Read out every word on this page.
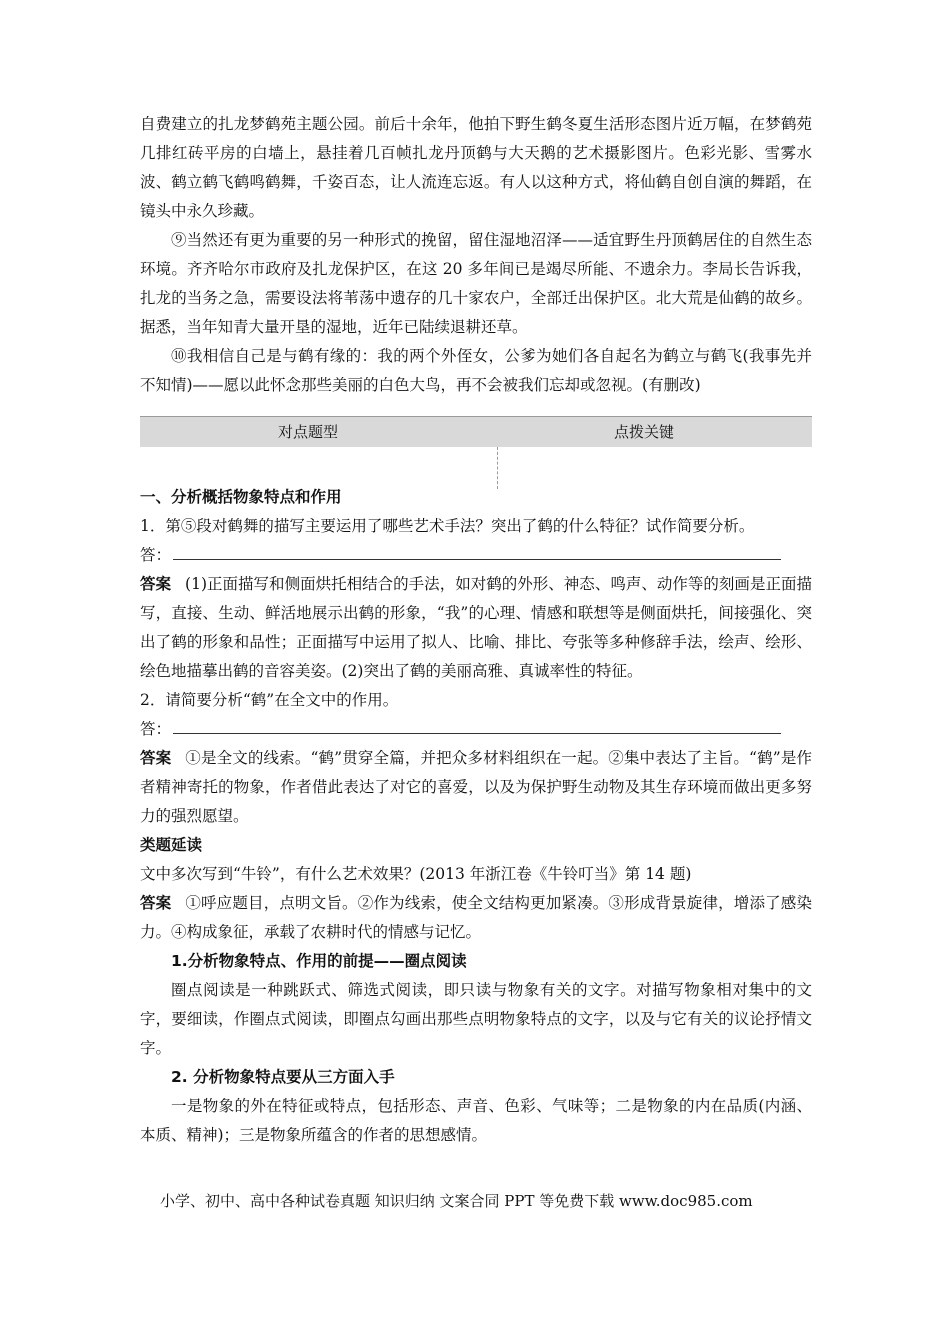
自费建立的扎龙梦鹤苑主题公园。前后十余年，他拍下野生鹤冬夏生活形态图片近万幅，在梦鹤苑几排红砖平房的白墙上，悬挂着几百帧扎龙丹顶鹤与大天鹅的艺术摄影图片。色彩光影、雪雾水波、鹤立鹤飞鹤鸣鹤舞，千姿百态，让人流连忘返。有人以这种方式，将仙鹤自创自演的舞蹈，在镜头中永久珍藏。

⑨当然还有更为重要的另一种形式的挽留，留住湿地沼泽——适宜野生丹顶鹤居住的自然生态环境。齐齐哈尔市政府及扎龙保护区，在这 20 多年间已是竭尽所能、不遗余力。李局长告诉我，扎龙的当务之急，需要设法将苇荡中遗存的几十家农户，全部迁出保护区。北大荒是仙鹤的故乡。据悉，当年知青大量开垦的湿地，近年已陆续退耕还草。

⑩我相信自己是与鹤有缘的：我的两个外侄女，公爹为她们各自起名为鹤立与鹤飞(我事先并不知情)——愿以此怀念那些美丽的白色大鸟，再不会被我们忘却或忽视。(有删改)

对点题型	点拨关键

一、分析概括物象特点和作用

1．第⑤段对鹤舞的描写主要运用了哪些艺术手法？突出了鹤的什么特征？试作简要分析。

答：

答案 (1)正面描写和侧面烘托相结合的手法，如对鹤的外形、神态、鸣声、动作等的刻画是正面描写，直接、生动、鲜活地展示出鹤的形象，“我”的心理、情感和联想等是侧面烘托，间接强化、突出了鹤的形象和品性；正面描写中运用了拟人、比喻、排比、夸张等多种修辞手法，绘声、绘形、绘色地描摹出鹤的音容美姿。(2)突出了鹤的美丽高雅、真诚率性的特征。

2．请简要分析“鹤”在全文中的作用。

答：

答案 ①是全文的线索。“鹤”贯穿全篇，并把众多材料组织在一起。②集中表达了主旨。“鹤”是作者精神寄托的物象，作者借此表达了对它的喜爱，以及为保护野生动物及其生存环境而做出更多努力的强烈愿望。

类题延读

文中多次写到“牛铃”，有什么艺术效果？(2013 年浙江卷《牛铃叮当》第 14 题)

答案 ①呼应题目，点明文旨。②作为线索，使全文结构更加紧凑。③形成背景旋律，增添了感染力。④构成象征，承载了农耕时代的情感与记忆。

1.分析物象特点、作用的前提——圈点阅读

圈点阅读是一种跳跃式、筛选式阅读，即只读与物象有关的文字。对描写物象相对集中的文字，要细读，作圈点式阅读，即圈点勾画出那些点明物象特点的文字，以及与它有关的议论抒情文字。

2. 分析物象特点要从三方面入手

一是物象的外在特征或特点，包括形态、声音、色彩、气味等；二是物象的内在品质(内涵、本质、精神)；三是物象所蕴含的作者的思想感情。

小学、初中、高中各种试卷真题 知识归纳 文案合同 PPT 等免费下载 www.doc985.com
